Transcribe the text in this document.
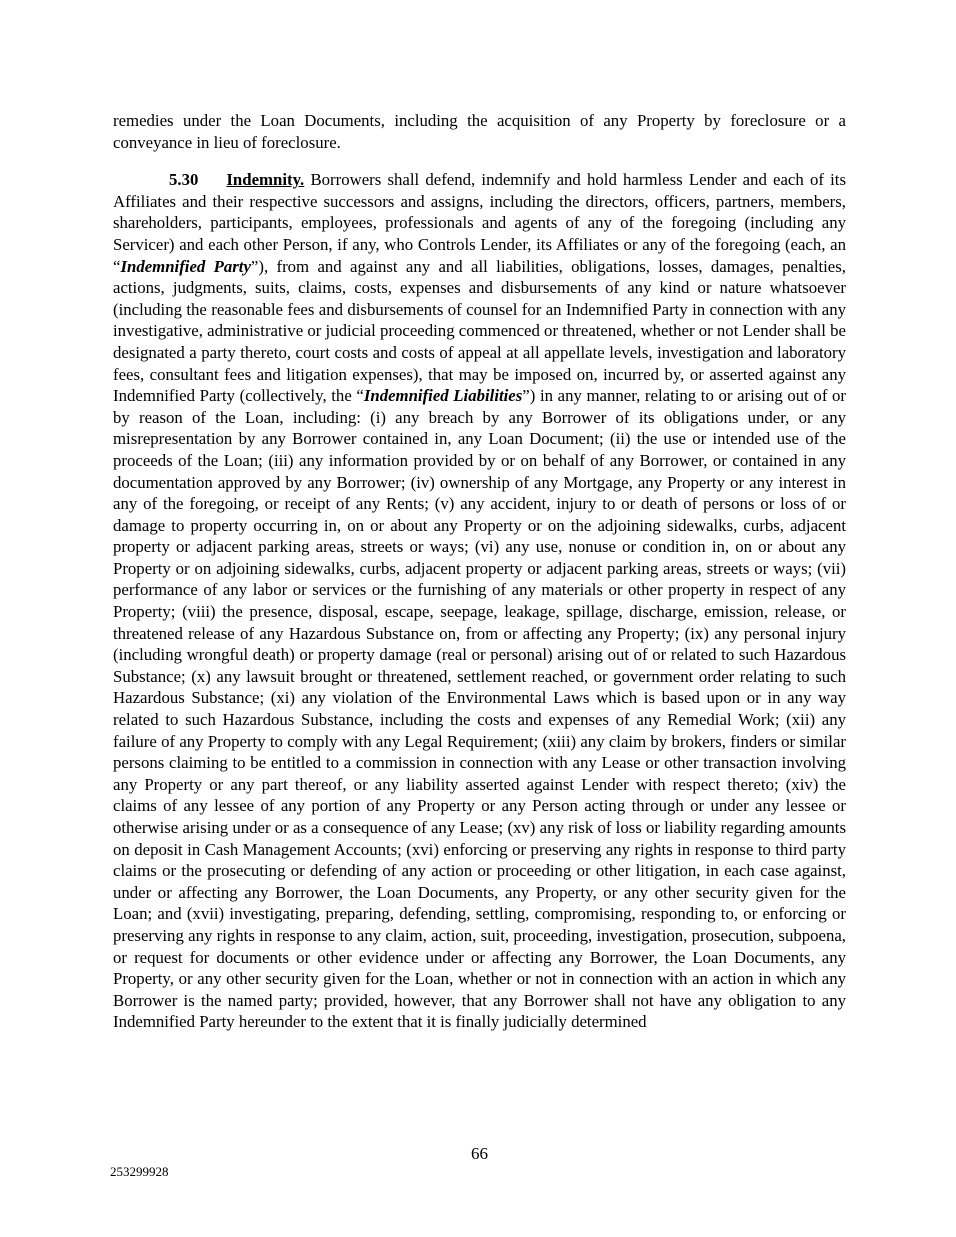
remedies under the Loan Documents, including the acquisition of any Property by foreclosure or a conveyance in lieu of foreclosure.

5.30 Indemnity. Borrowers shall defend, indemnify and hold harmless Lender and each of its Affiliates and their respective successors and assigns, including the directors, officers, partners, members, shareholders, participants, employees, professionals and agents of any of the foregoing (including any Servicer) and each other Person, if any, who Controls Lender, its Affiliates or any of the foregoing (each, an “Indemnified Party”), from and against any and all liabilities, obligations, losses, damages, penalties, actions, judgments, suits, claims, costs, expenses and disbursements of any kind or nature whatsoever (including the reasonable fees and disbursements of counsel for an Indemnified Party in connection with any investigative, administrative or judicial proceeding commenced or threatened, whether or not Lender shall be designated a party thereto, court costs and costs of appeal at all appellate levels, investigation and laboratory fees, consultant fees and litigation expenses), that may be imposed on, incurred by, or asserted against any Indemnified Party (collectively, the “Indemnified Liabilities”) in any manner, relating to or arising out of or by reason of the Loan, including: (i) any breach by any Borrower of its obligations under, or any misrepresentation by any Borrower contained in, any Loan Document; (ii) the use or intended use of the proceeds of the Loan; (iii) any information provided by or on behalf of any Borrower, or contained in any documentation approved by any Borrower; (iv) ownership of any Mortgage, any Property or any interest in any of the foregoing, or receipt of any Rents; (v) any accident, injury to or death of persons or loss of or damage to property occurring in, on or about any Property or on the adjoining sidewalks, curbs, adjacent property or adjacent parking areas, streets or ways; (vi) any use, nonuse or condition in, on or about any Property or on adjoining sidewalks, curbs, adjacent property or adjacent parking areas, streets or ways; (vii) performance of any labor or services or the furnishing of any materials or other property in respect of any Property; (viii) the presence, disposal, escape, seepage, leakage, spillage, discharge, emission, release, or threatened release of any Hazardous Substance on, from or affecting any Property; (ix) any personal injury (including wrongful death) or property damage (real or personal) arising out of or related to such Hazardous Substance; (x) any lawsuit brought or threatened, settlement reached, or government order relating to such Hazardous Substance; (xi) any violation of the Environmental Laws which is based upon or in any way related to such Hazardous Substance, including the costs and expenses of any Remedial Work; (xii) any failure of any Property to comply with any Legal Requirement; (xiii) any claim by brokers, finders or similar persons claiming to be entitled to a commission in connection with any Lease or other transaction involving any Property or any part thereof, or any liability asserted against Lender with respect thereto; (xiv) the claims of any lessee of any portion of any Property or any Person acting through or under any lessee or otherwise arising under or as a consequence of any Lease; (xv) any risk of loss or liability regarding amounts on deposit in Cash Management Accounts; (xvi) enforcing or preserving any rights in response to third party claims or the prosecuting or defending of any action or proceeding or other litigation, in each case against, under or affecting any Borrower, the Loan Documents, any Property, or any other security given for the Loan; and (xvii) investigating, preparing, defending, settling, compromising, responding to, or enforcing or preserving any rights in response to any claim, action, suit, proceeding, investigation, prosecution, subpoena, or request for documents or other evidence under or affecting any Borrower, the Loan Documents, any Property, or any other security given for the Loan, whether or not in connection with an action in which any Borrower is the named party; provided, however, that any Borrower shall not have any obligation to any Indemnified Party hereunder to the extent that it is finally judicially determined

66
253299928
